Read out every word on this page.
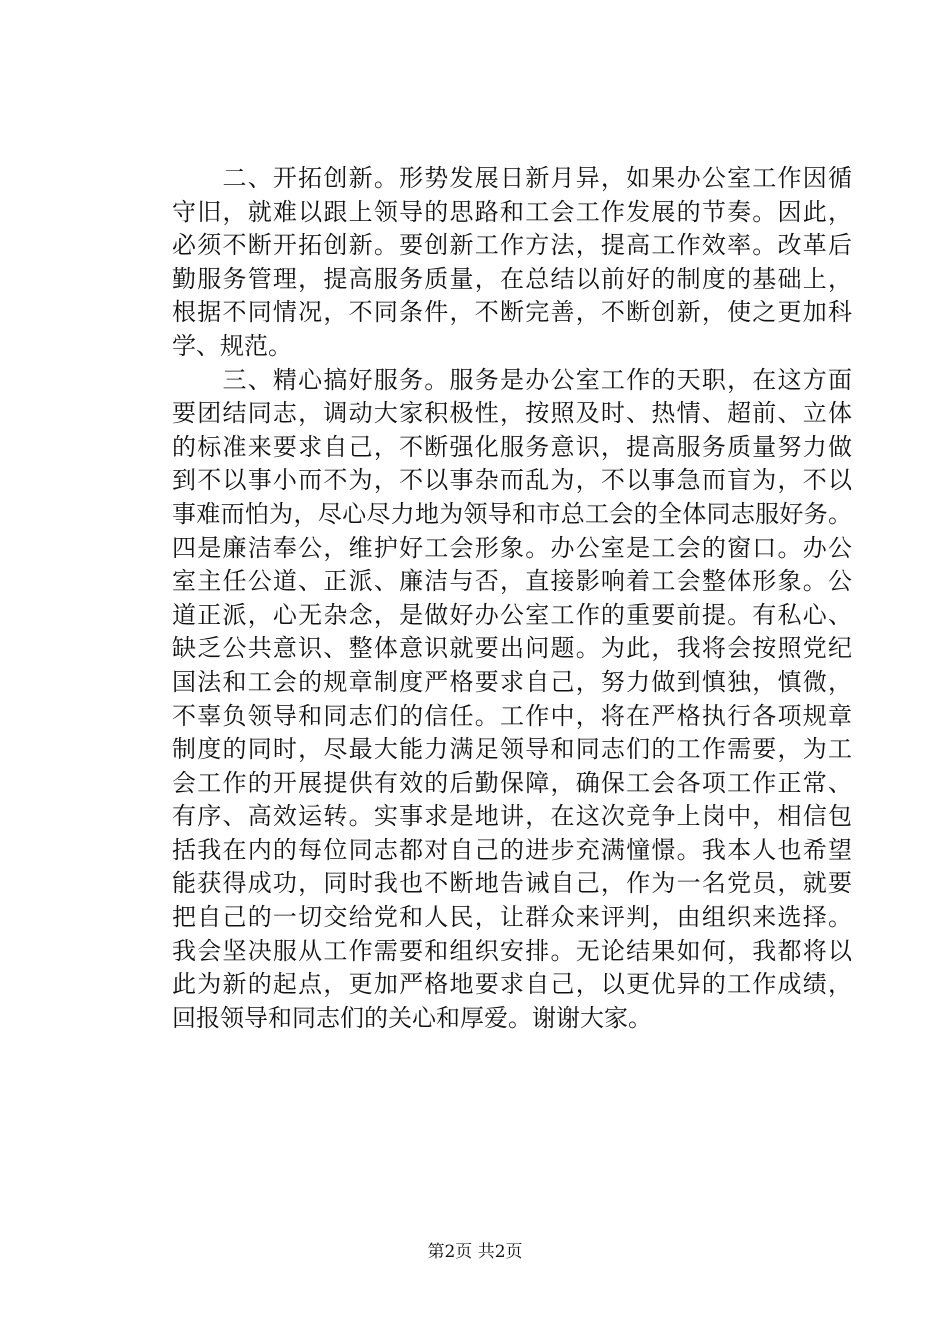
　　二、开拓创新。形势发展日新月异，如果办公室工作因循
守旧，就难以跟上领导的思路和工会工作发展的节奏。因此，
必须不断开拓创新。要创新工作方法，提高工作效率。改革后
勤服务管理，提高服务质量，在总结以前好的制度的基础上，
根据不同情况，不同条件，不断完善，不断创新，使之更加科
学、规范。
　　三、精心搞好服务。服务是办公室工作的天职，在这方面
要团结同志，调动大家积极性，按照及时、热情、超前、立体
的标准来要求自己，不断强化服务意识，提高服务质量努力做
到不以事小而不为，不以事杂而乱为，不以事急而盲为，不以
事难而怕为，尽心尽力地为领导和市总工会的全体同志服好务。
四是廉洁奉公，维护好工会形象。办公室是工会的窗口。办公
室主任公道、正派、廉洁与否，直接影响着工会整体形象。公
道正派，心无杂念，是做好办公室工作的重要前提。有私心、
缺乏公共意识、整体意识就要出问题。为此，我将会按照党纪
国法和工会的规章制度严格要求自己，努力做到慎独，慎微，
不辜负领导和同志们的信任。工作中，将在严格执行各项规章
制度的同时，尽最大能力满足领导和同志们的工作需要，为工
会工作的开展提供有效的后勤保障，确保工会各项工作正常、
有序、高效运转。实事求是地讲，在这次竞争上岗中，相信包
括我在内的每位同志都对自己的进步充满憧憬。我本人也希望
能获得成功，同时我也不断地告诫自己，作为一名党员，就要
把自己的一切交给党和人民，让群众来评判，由组织来选择。
我会坚决服从工作需要和组织安排。无论结果如何，我都将以
此为新的起点，更加严格地要求自己，以更优异的工作成绩，
回报领导和同志们的关心和厚爱。谢谢大家。
第2页 共2页
